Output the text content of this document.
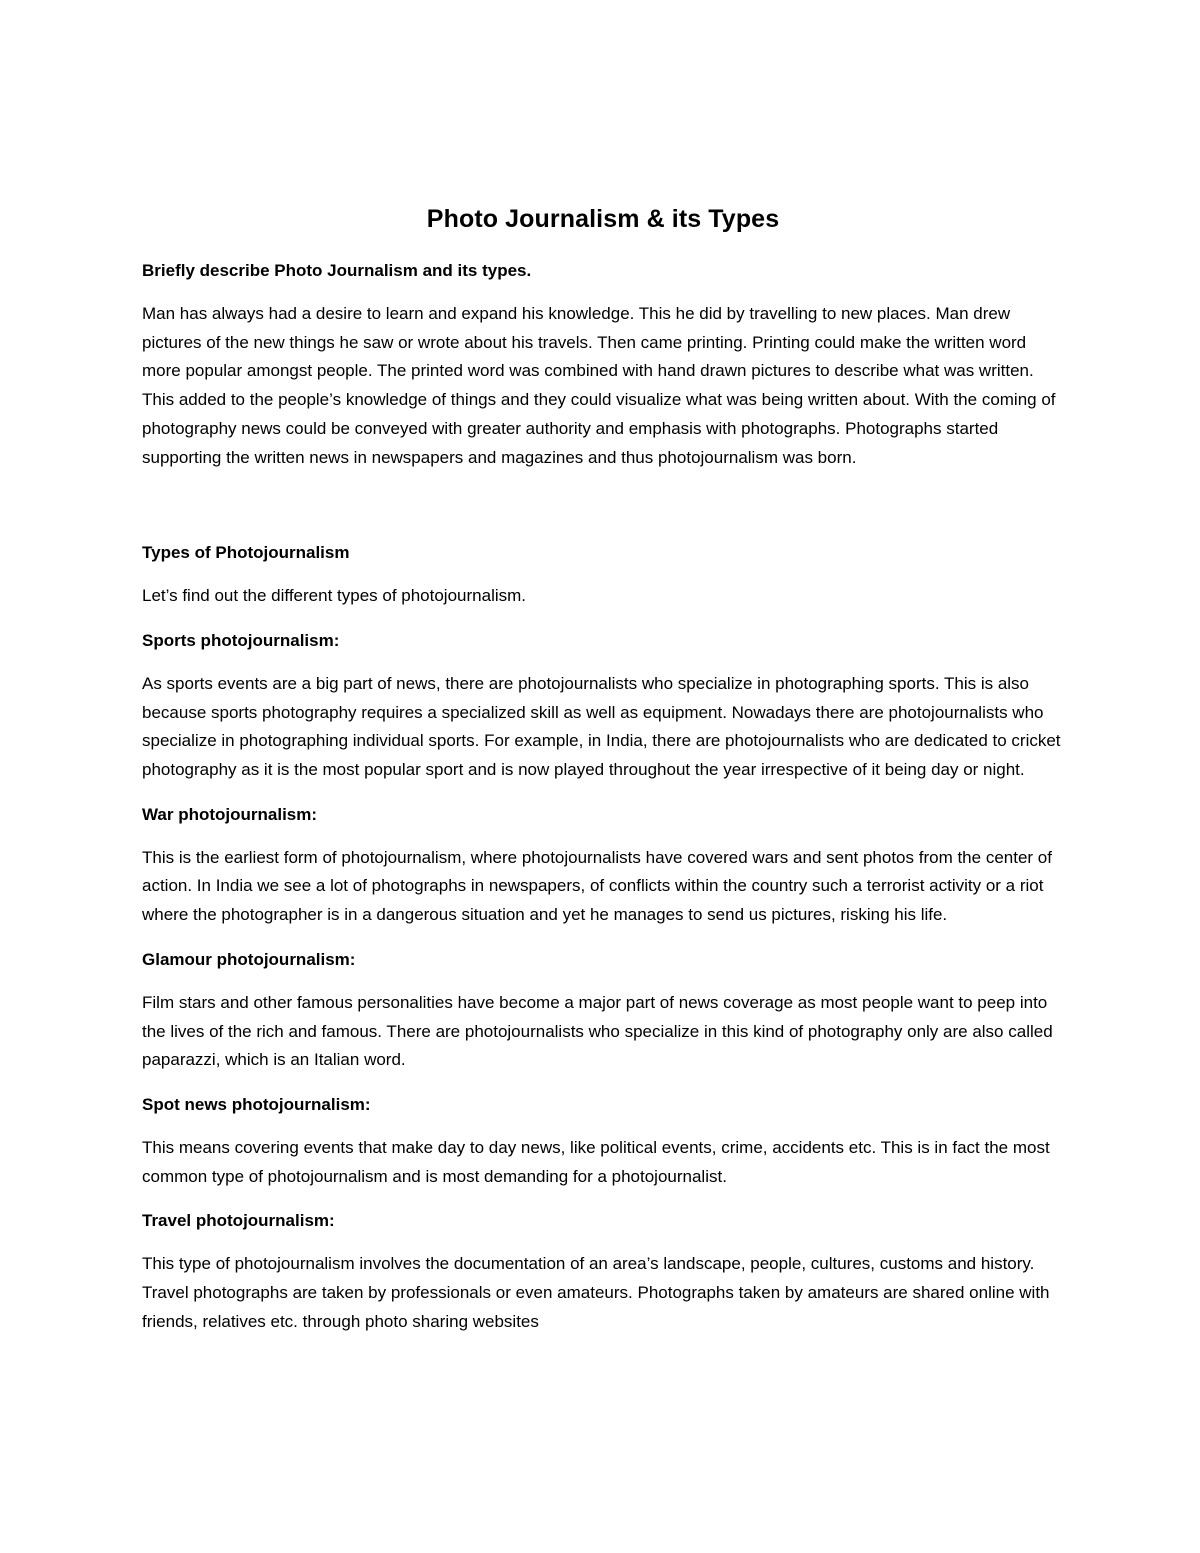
Photo Journalism & its Types
Briefly describe Photo Journalism and its types.
Man has always had a desire to learn and expand his knowledge. This he did by travelling to new places. Man drew pictures of the new things he saw or wrote about his travels. Then came printing. Printing could make the written word more popular amongst people. The printed word was combined with hand drawn pictures to describe what was written. This added to the people’s knowledge of things and they could visualize what was being written about. With the coming of photography news could be conveyed with greater authority and emphasis with photographs. Photographs started supporting the written news in newspapers and magazines and thus photojournalism was born.
Types of Photojournalism
Let’s find out the different types of photojournalism.
Sports photojournalism:
As sports events are a big part of news, there are photojournalists who specialize in photographing sports. This is also because sports photography requires a specialized skill as well as equipment. Nowadays there are photojournalists who specialize in photographing individual sports. For example, in India, there are photojournalists who are dedicated to cricket photography as it is the most popular sport and is now played throughout the year irrespective of it being day or night.
War photojournalism:
This is the earliest form of photojournalism, where photojournalists have covered wars and sent photos from the center of action. In India we see a lot of photographs in newspapers, of conflicts within the country such a terrorist activity or a riot where the photographer is in a dangerous situation and yet he manages to send us pictures, risking his life.
Glamour photojournalism:
Film stars and other famous personalities have become a major part of news coverage as most people want to peep into the lives of the rich and famous. There are photojournalists who specialize in this kind of photography only are also called paparazzi, which is an Italian word.
Spot news photojournalism:
This means covering events that make day to day news, like political events, crime, accidents etc. This is in fact the most common type of photojournalism and is most demanding for a photojournalist.
Travel photojournalism:
This type of photojournalism involves the documentation of an area’s landscape, people, cultures, customs and history. Travel photographs are taken by professionals or even amateurs. Photographs taken by amateurs are shared online with friends, relatives etc. through photo sharing websites
